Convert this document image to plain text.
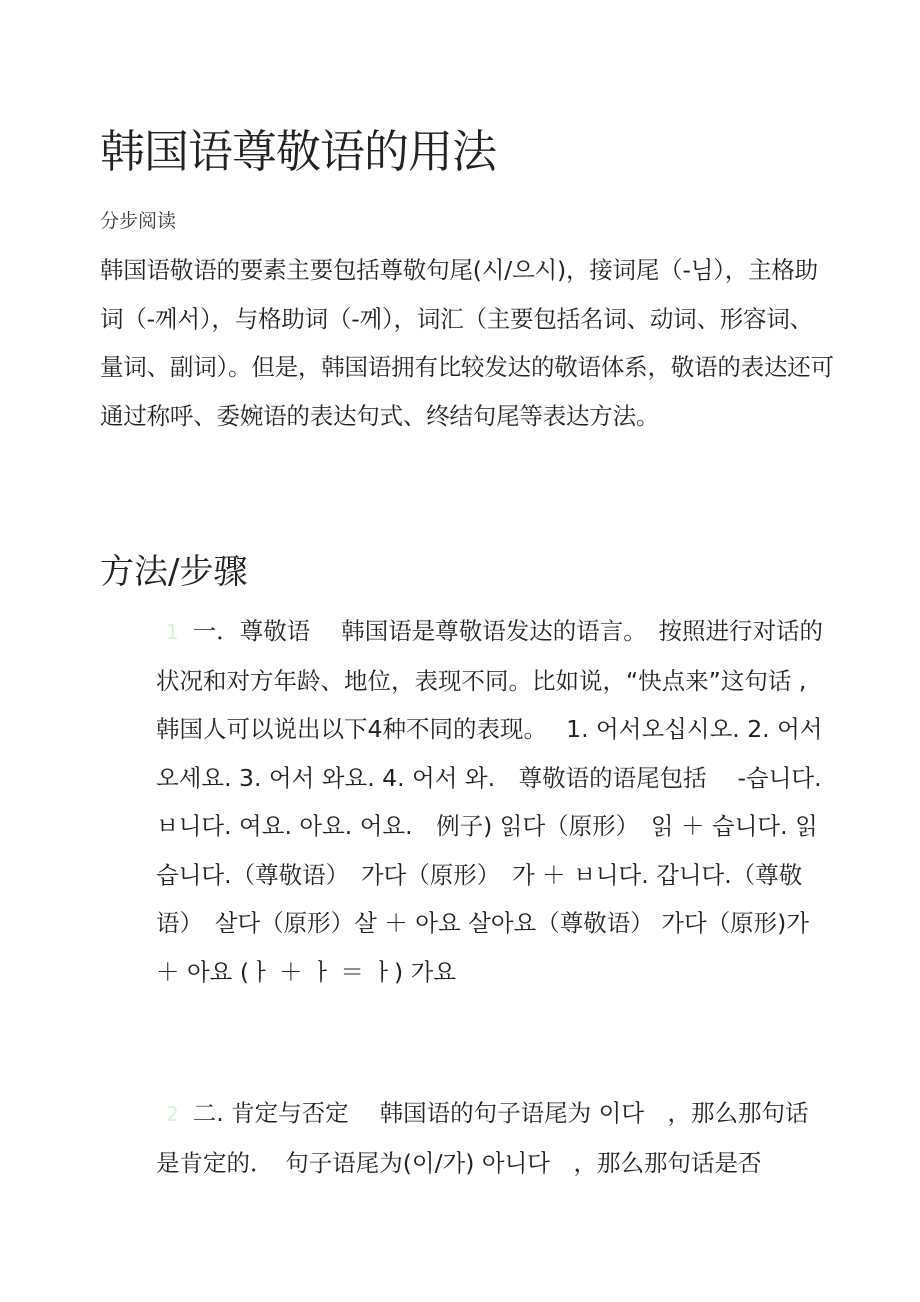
韩国语尊敬语的用法
分步阅读

韩国语敬语的要素主要包括尊敬句尾(시/으시)，接词尾（-님），主格助词（-께서），与格助词（-께），词汇（主要包括名词、动词、形容词、量词、副词）。但是，韩国语拥有比较发达的敬语体系，敬语的表达还可通过称呼、委婉语的表达句式、终结句尾等表达方法。

方法/步骤

1 一．尊敬语　 韩国语是尊敬语发达的语言。　按照进行对话的状况和对方年龄、地位，表现不同。比如说，“快点来”这句话 ,韩国人可以说出以下4种不同的表现。　 1. 어서오십시오. 2. 어서 오세요. 3. 어서 와요. 4. 어서 와.　尊敬语的语尾包括　 -습니다. ㅂ니다. 여요. 아요. 어요.　例子) 읽다（原形）　읽 ＋ 습니다. 읽습니다.（尊敬语）　가다（原形）　가 ＋ ㅂ니다. 갑니다.（尊敬语）　살다（原形）살 ＋ 아요 살아요（尊敬语） 가다（原形)가 ＋ 아요 (ㅏ ＋ ㅏ ＝ ㅏ) 가요

2 二. 肯定与否定　 韩国语的句子语尾为 이다　，那么那句话是肯定的．　句子语尾为(이/가) 아니다　，那么那句话是否
